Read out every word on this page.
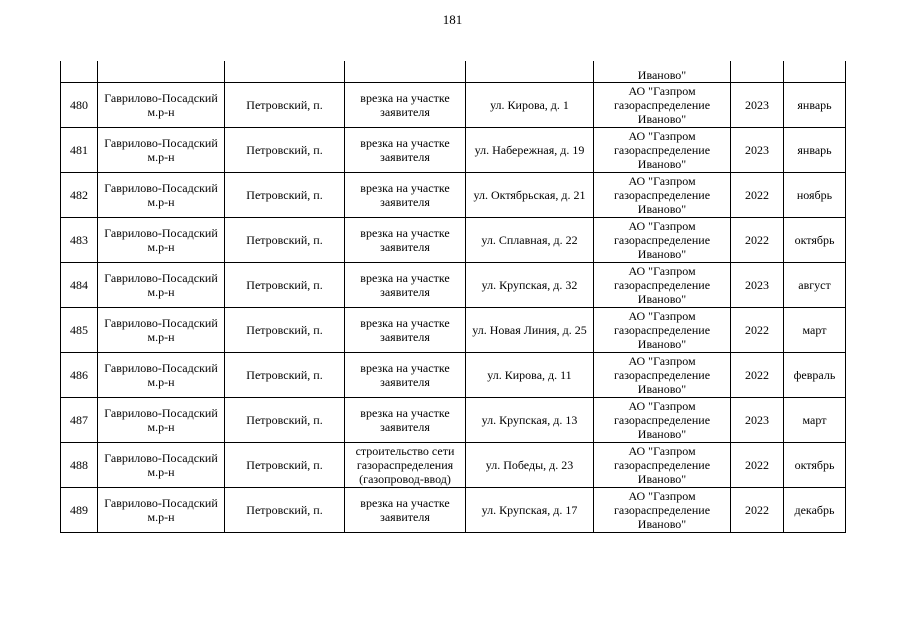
181
					Иваново"		
480	Гаврилово-Посадский м.р-н	Петровский, п.	врезка на участке заявителя	ул. Кирова, д. 1	АО "Газпром газораспределение Иваново"	2023	январь
481	Гаврилово-Посадский м.р-н	Петровский, п.	врезка на участке заявителя	ул. Набережная, д. 19	АО "Газпром газораспределение Иваново"	2023	январь
482	Гаврилово-Посадский м.р-н	Петровский, п.	врезка на участке заявителя	ул. Октябрьская, д. 21	АО "Газпром газораспределение Иваново"	2022	ноябрь
483	Гаврилово-Посадский м.р-н	Петровский, п.	врезка на участке заявителя	ул. Сплавная, д. 22	АО "Газпром газораспределение Иваново"	2022	октябрь
484	Гаврилово-Посадский м.р-н	Петровский, п.	врезка на участке заявителя	ул. Крупская, д. 32	АО "Газпром газораспределение Иваново"	2023	август
485	Гаврилово-Посадский м.р-н	Петровский, п.	врезка на участке заявителя	ул. Новая Линия, д. 25	АО "Газпром газораспределение Иваново"	2022	март
486	Гаврилово-Посадский м.р-н	Петровский, п.	врезка на участке заявителя	ул. Кирова, д. 11	АО "Газпром газораспределение Иваново"	2022	февраль
487	Гаврилово-Посадский м.р-н	Петровский, п.	врезка на участке заявителя	ул. Крупская, д. 13	АО "Газпром газораспределение Иваново"	2023	март
488	Гаврилово-Посадский м.р-н	Петровский, п.	строительство сети газораспределения (газопровод-ввод)	ул. Победы, д. 23	АО "Газпром газораспределение Иваново"	2022	октябрь
489	Гаврилово-Посадский м.р-н	Петровский, п.	врезка на участке заявителя	ул. Крупская, д. 17	АО "Газпром газораспределение Иваново"	2022	декабрь
